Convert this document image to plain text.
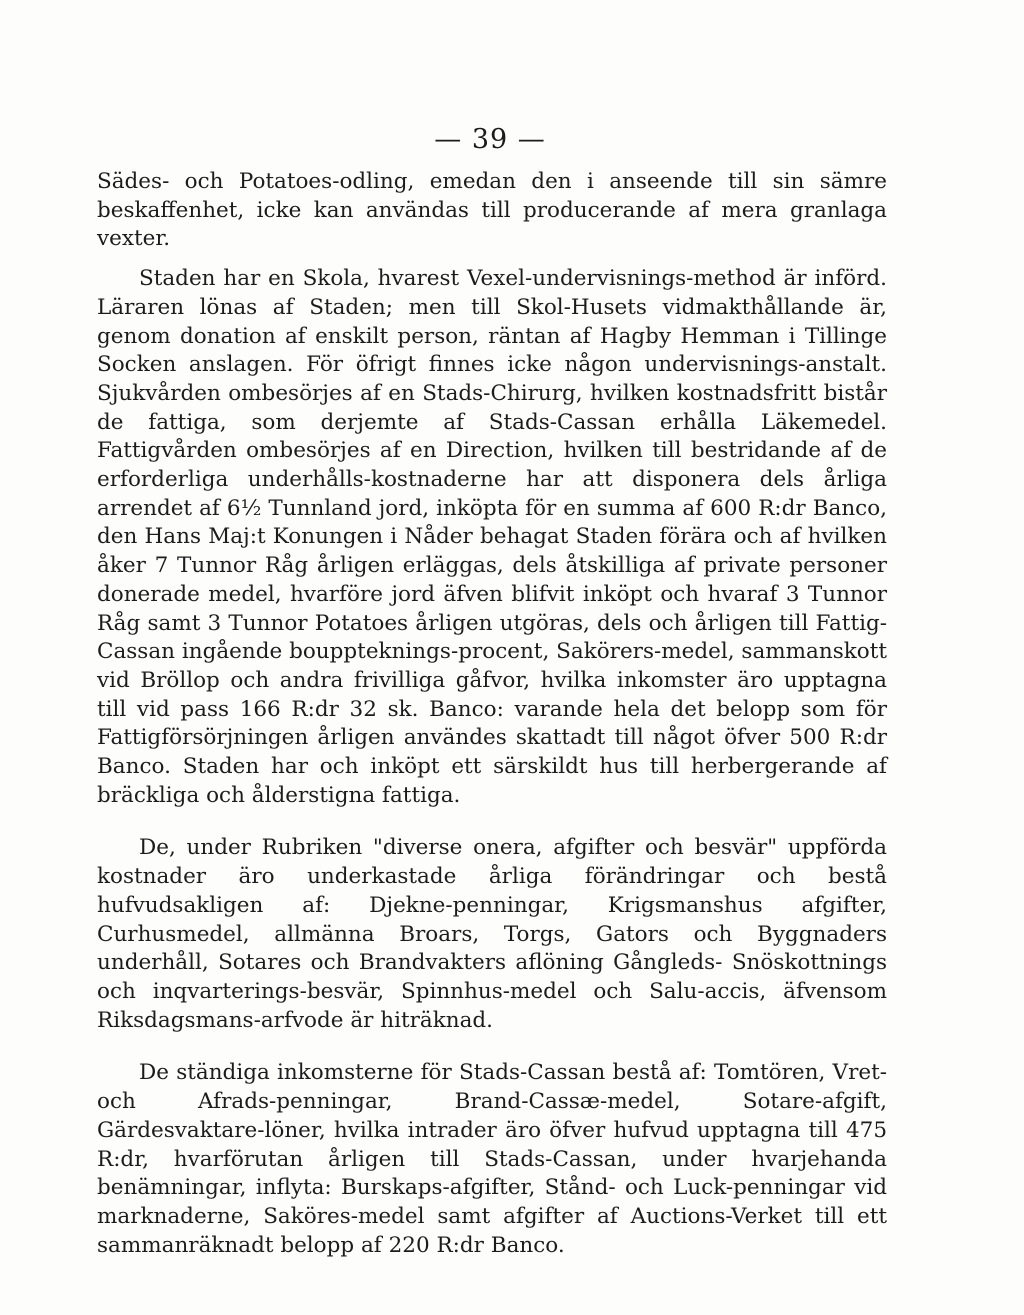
— 39 —

Sädes- och Potatoes-odling, emedan den i anseende till sin sämre beskaffenhet, icke kan användas till producerande af mera granlaga vexter.

Staden har en Skola, hvarest Vexel-undervisnings-method är införd. Läraren lönas af Staden; men till Skol-Husets vidmakthållande är, genom donation af enskilt person, räntan af Hagby Hemman i Tillinge Socken anslagen. För öfrigt finnes icke någon undervisnings-anstalt. Sjukvården ombesörjes af en Stads-Chirurg, hvilken kostnadsfritt bistår de fattiga, som derjemte af Stads-Cassan erhålla Läkemedel. Fattigvården ombesörjes af en Direction, hvilken till bestridande af de erforderliga underhålls-kostnaderne har att disponera dels årliga arrendet af 6½ Tunnland jord, inköpta för en summa af 600 R:dr Banco, den Hans Maj:t Konungen i Nåder behagat Staden förära och af hvilken åker 7 Tunnor Råg årligen erläggas, dels åtskilliga af private personer donerade medel, hvarföre jord äfven blifvit inköpt och hvaraf 3 Tunnor Råg samt 3 Tunnor Potatoes årligen utgöras, dels och årligen till Fattig-Cassan ingående bouppteknings-procent, Sakörers-medel, sammanskott vid Bröllop och andra frivilliga gåfvor, hvilka inkomster äro upptagna till vid pass 166 R:dr 32 sk. Banco: varande hela det belopp som för Fattigförsörjningen årligen användes skattadt till något öfver 500 R:dr Banco. Staden har och inköpt ett särskildt hus till herbergerande af bräckliga och ålderstigna fattiga.

De, under Rubriken "diverse onera, afgifter och besvär" uppförda kostnader äro underkastade årliga förändringar och bestå hufvudsakligen af: Djekne-penningar, Krigsmanshus afgifter, Curhusmedel, allmänna Broars, Torgs, Gators och Byggnaders underhåll, Sotares och Brandvakters aflöning Gångleds- Snöskottnings och inqvarterings-besvär, Spinnhus-medel och Salu-accis, äfvensom Riksdagsmans-arfvode är hiträknad.

De ständiga inkomsterne för Stads-Cassan bestå af: Tomtören, Vret- och Afrads-penningar, Brand-Cassæ-medel, Sotare-afgift, Gärdesvaktare-löner, hvilka intrader äro öfver hufvud upptagna till 475 R:dr, hvarförutan årligen till Stads-Cassan, under hvarjehanda benämningar, inflyta: Burskaps-afgifter, Stånd- och Luck-penningar vid marknaderne, Saköres-medel samt afgifter af Auctions-Verket till ett sammanräknadt belopp af 220 R:dr Banco.
